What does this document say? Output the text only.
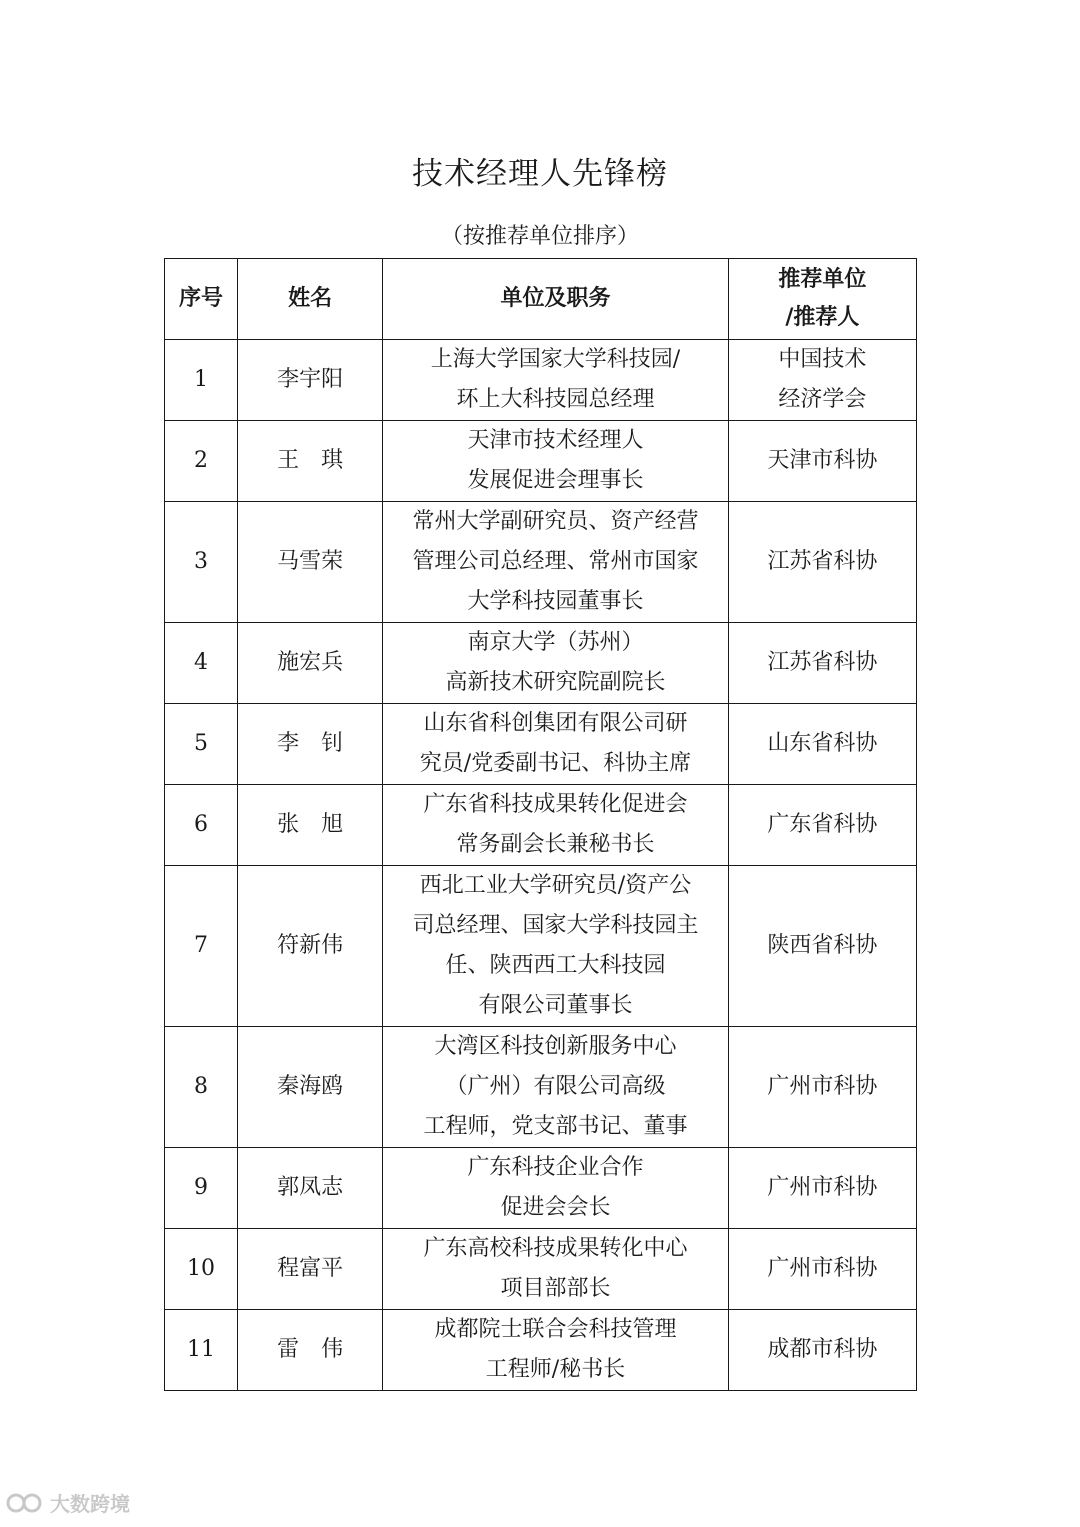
技术经理人先锋榜

（按推荐单位排序）

序号	姓名	单位及职务	推荐单位
/推荐人

1	李宇阳	上海大学国家大学科技园/
环上大科技园总经理	中国技术
经济学会

2	王　琪	天津市技术经理人
发展促进会理事长	天津市科协

3	马雪荣	常州大学副研究员、资产经营
管理公司总经理、常州市国家
大学科技园董事长	江苏省科协

4	施宏兵	南京大学（苏州）
高新技术研究院副院长	江苏省科协

5	李　钊	山东省科创集团有限公司研
究员/党委副书记、科协主席	山东省科协

6	张　旭	广东省科技成果转化促进会
常务副会长兼秘书长	广东省科协

7	符新伟	西北工业大学研究员/资产公
司总经理、国家大学科技园主
任、陕西西工大科技园
有限公司董事长	陕西省科协

8	秦海鸥	大湾区科技创新服务中心
（广州）有限公司高级
工程师，党支部书记、董事	广州市科协

9	郭凤志	广东科技企业合作
促进会会长	广州市科协

10	程富平	广东高校科技成果转化中心
项目部部长	广州市科协

11	雷　伟	成都院士联合会科技管理
工程师/秘书长	成都市科协
大数跨境
